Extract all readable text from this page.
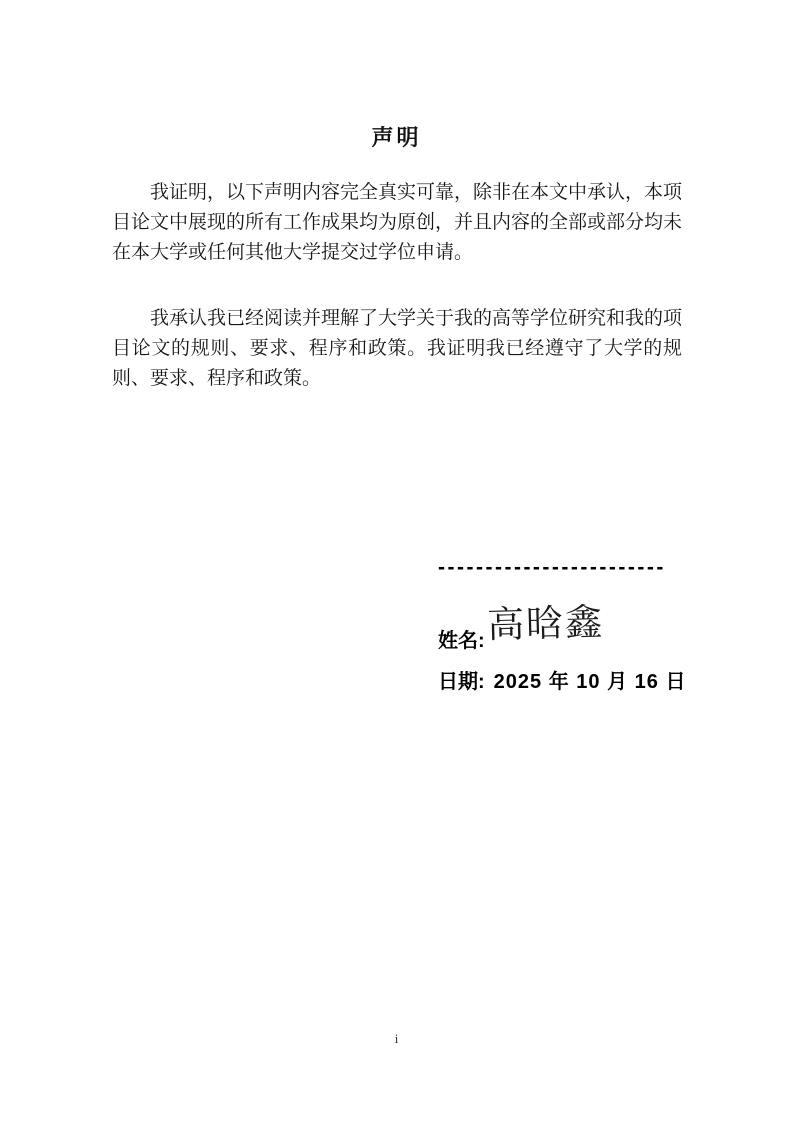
声明

我证明，以下声明内容完全真实可靠，除非在本文中承认，本项目论文中展现的所有工作成果均为原创，并且内容的全部或部分均未在本大学或任何其他大学提交过学位申请。

我承认我已经阅读并理解了大学关于我的高等学位研究和我的项目论文的规则、要求、程序和政策。我证明我已经遵守了大学的规则、要求、程序和政策。

------------------------
姓名: 高晗鑫
日期: 2025 年 10 月 16 日
i
